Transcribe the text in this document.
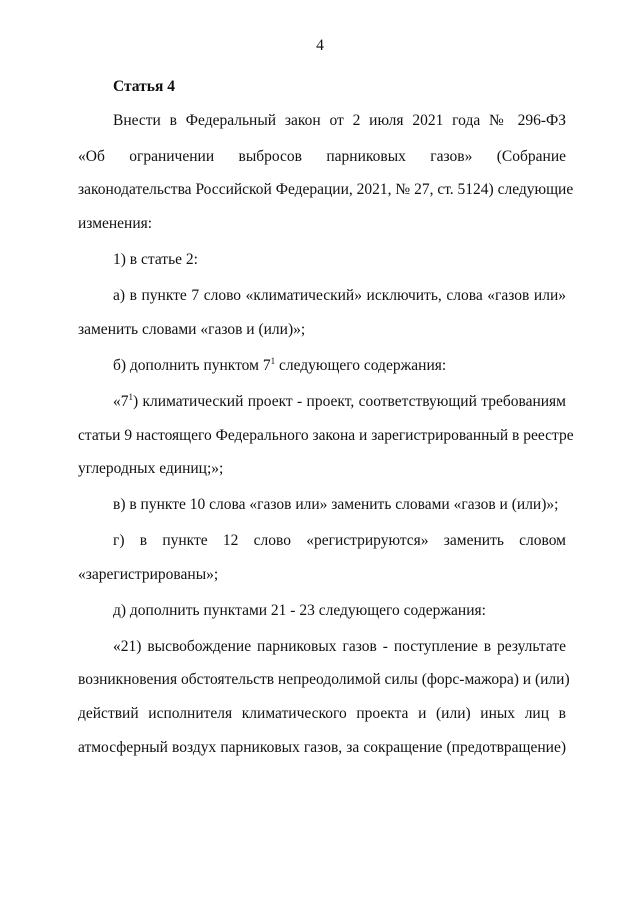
4
Статья 4
Внести в Федеральный закон от 2 июля 2021 года № 296-ФЗ
«Об ограничении выбросов парниковых газов» (Собрание
законодательства Российской Федерации, 2021, № 27, ст. 5124) следующие
изменения:
1) в статье 2:
а) в пункте 7 слово «климатический» исключить, слова «газов или»
заменить словами «газов и (или)»;
б) дополнить пунктом $7^1$ следующего содержания:
«$7^1$ ) климатический проект - проект, соответствующий требованиям
статьи 9 настоящего Федерального закона и зарегистрированный в реестре
углеродных единиц;»;
в) в пункте 10 слова «газов или» заменить словами «газов и (или)»;
г) в пункте 12 слово «регистрируются» заменить словом
«зарегистрированы»;
д) дополнить пунктами 21 - 23 следующего содержания:
«21) высвобождение парниковых газов - поступление в результате
возникновения обстоятельств непреодолимой силы (форс-мажора) и (или)
действий исполнителя климатического проекта и (или) иных лиц в
атмосферный воздух парниковых газов, за сокращение (предотвращение)
